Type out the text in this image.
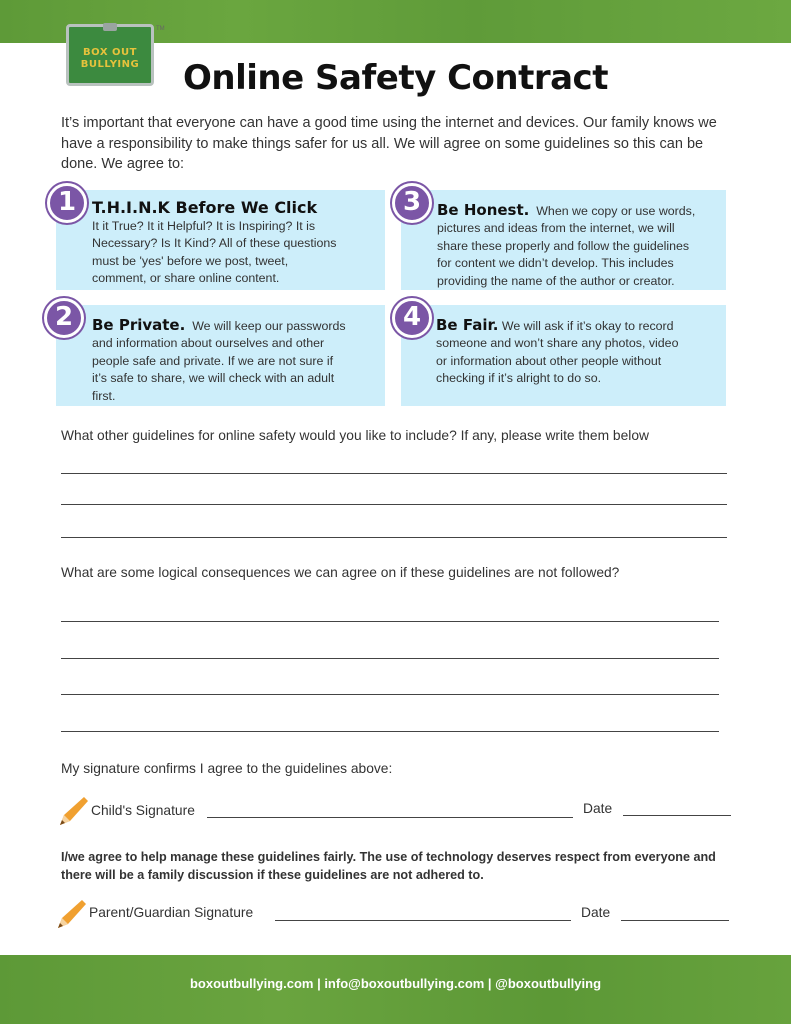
BOX OUT
BULLYING
TM
Online Safety Contract
It’s important that everyone can have a good time using the internet and devices. Our family knows we have a responsibility to make things safer for us all. We will agree on some guidelines so this can be done. We agree to:
1 T.H.I.N.K Before We Click
It it True? It it Helpful? It is Inspiring? It is
Necessary? Is It Kind? All of these questions
must be 'yes' before we post, tweet,
comment, or share online content.
3	Be Honest. When we copy or use words,
pictures and ideas from the internet, we will
share these properly and follow the guidelines
for content we didn’t develop. This includes
providing the name of the author or creator.
2	Be Private. We will keep our passwords
and information about ourselves and other
people safe and private. If we are not sure if
it’s safe to share, we will check with an adult
first.
4 Be Fair. We will ask if it’s okay to record
someone and won’t share any photos, video
or information about other people without
checking if it’s alright to do so.
What other guidelines for online safety would you like to include? If any, please write them below
What are some logical consequences we can agree on if these guidelines are not followed?
My signature confirms I agree to the guidelines above:
Child's Signature	Date
I/we agree to help manage these guidelines fairly. The use of technology deserves respect from everyone and there will be a family discussion if these guidelines are not adhered to.
Parent/Guardian Signature	Date
boxoutbullying.com | info@boxoutbullying.com | @boxoutbullying
